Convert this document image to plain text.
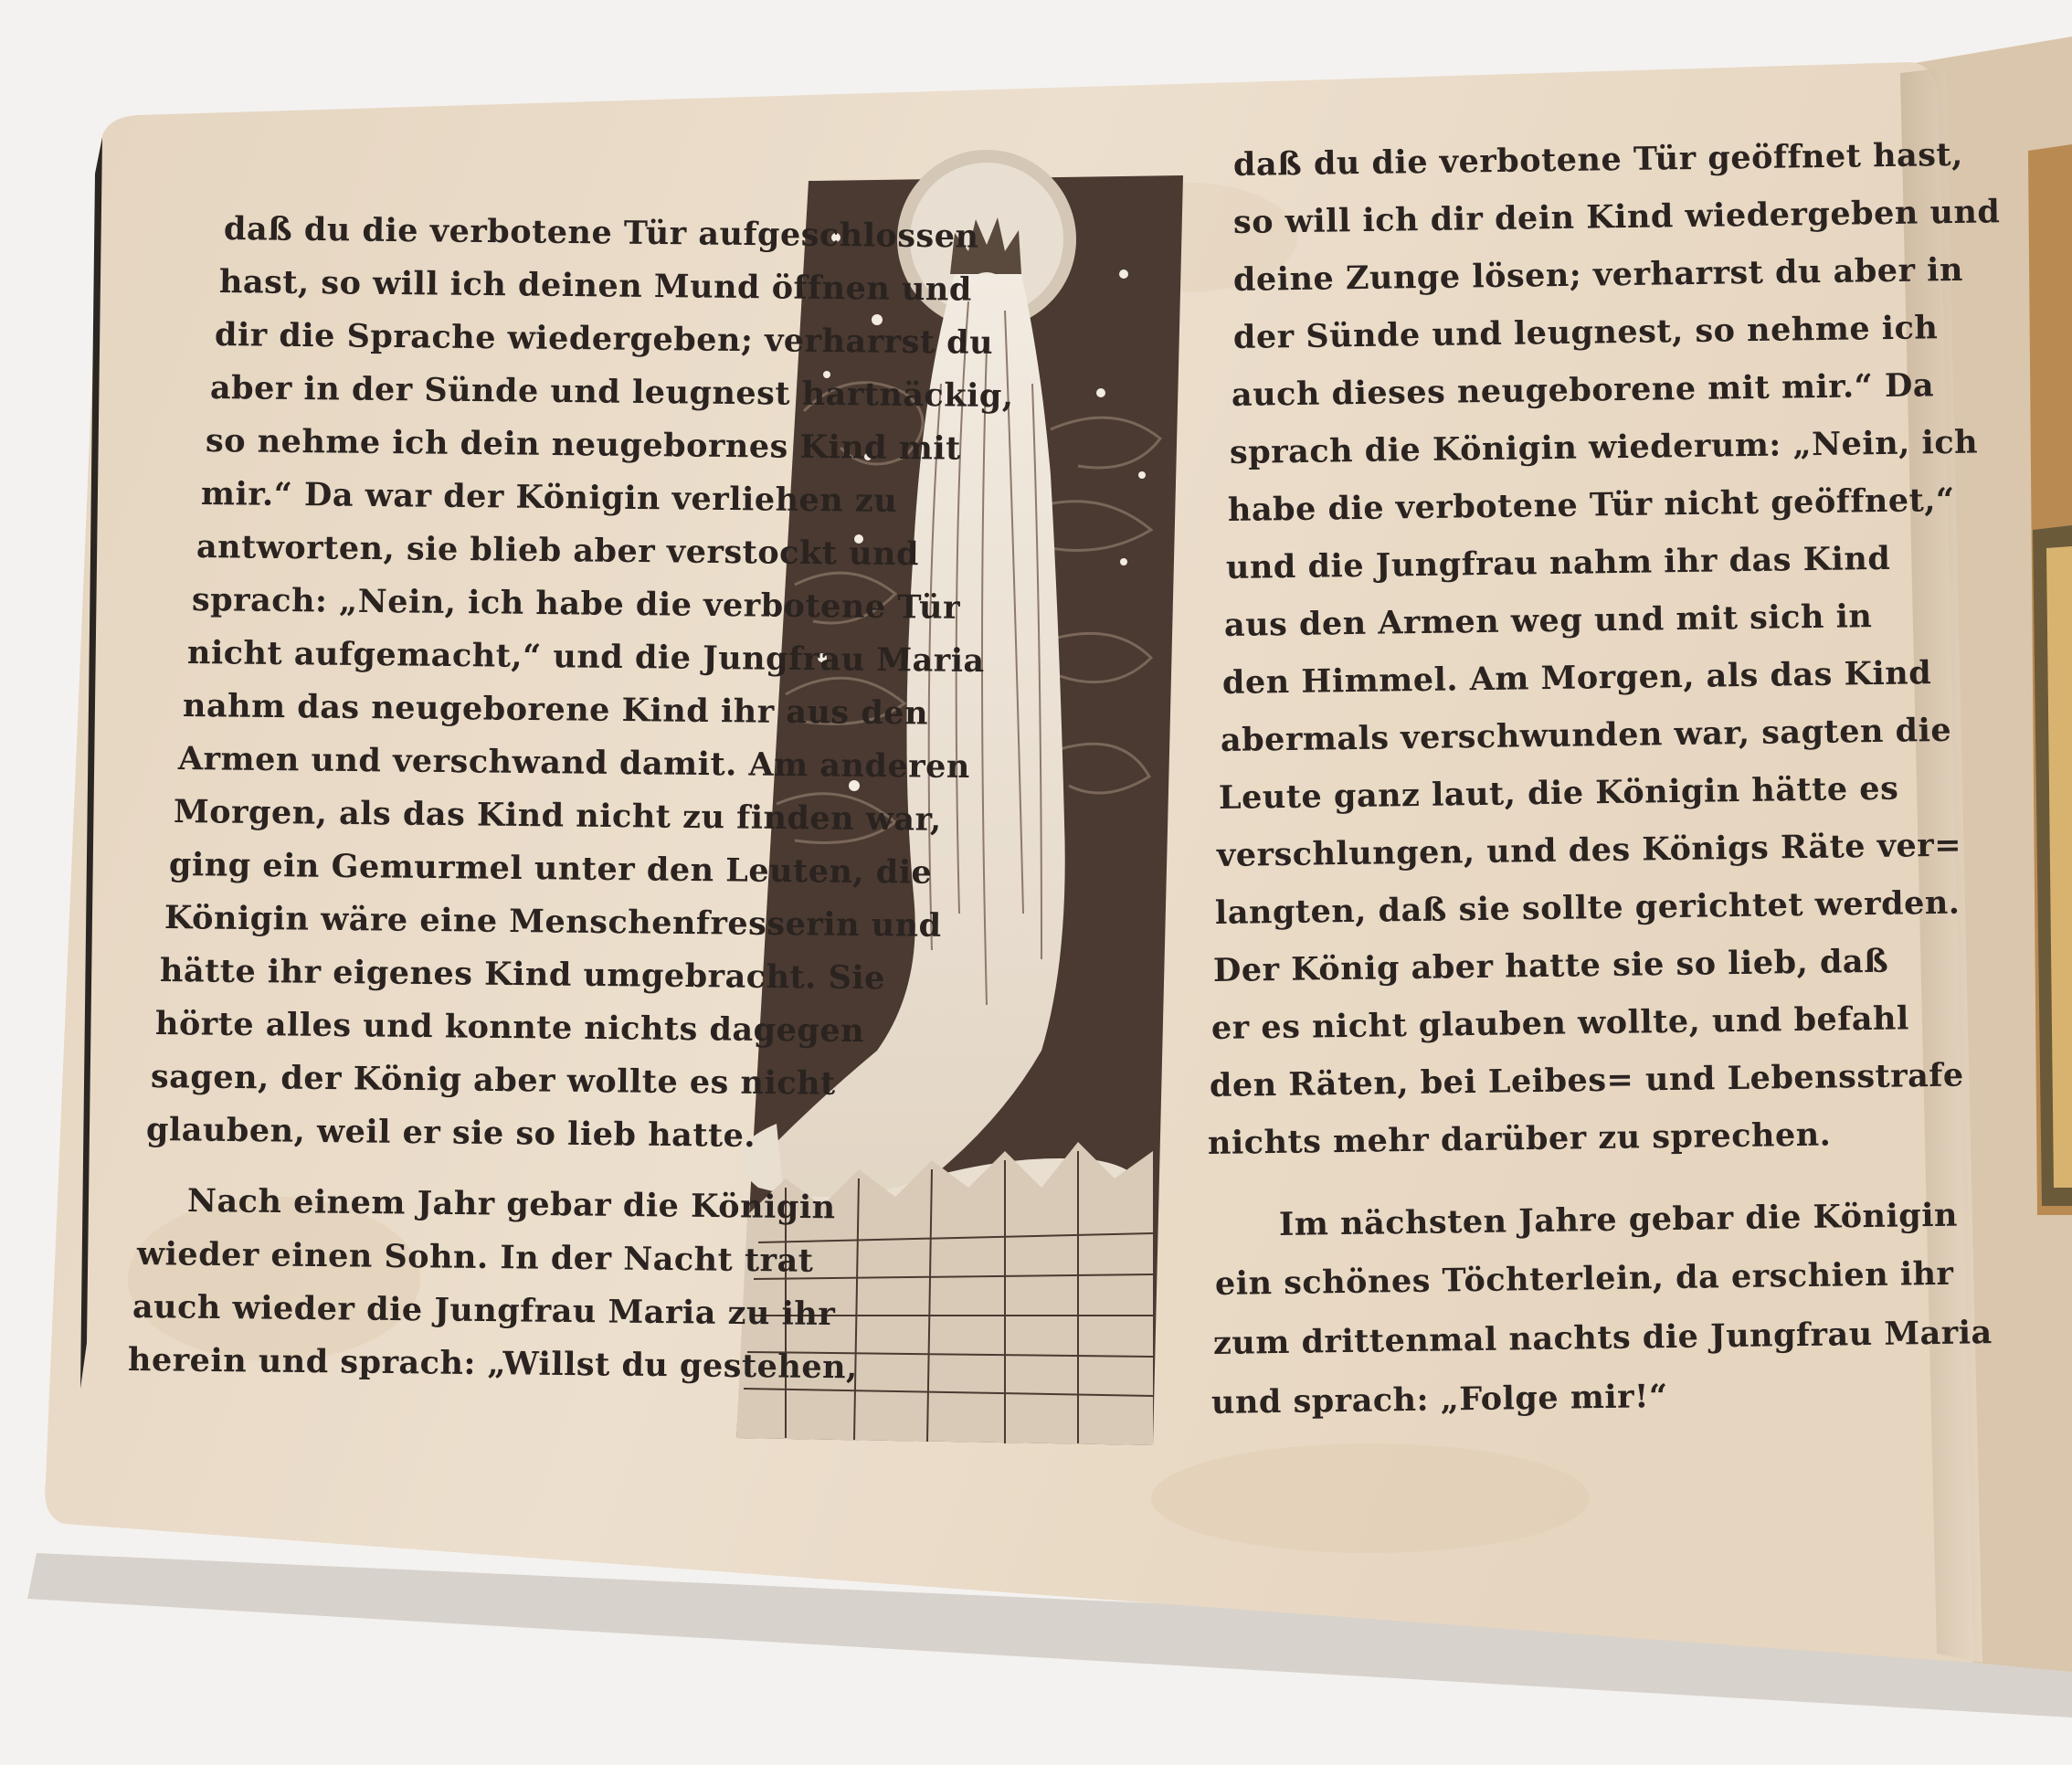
daß du die verbotene Tür aufgeschlossen
hast, so will ich deinen Mund öffnen und
dir die Sprache wiedergeben; verharrst du
aber in der Sünde und leugnest hartnäckig,
so nehme ich dein neugebornes Kind mit
mir.“ Da war der Königin verliehen zu
antworten, sie blieb aber verstockt und
sprach: „Nein, ich habe die verbotene Tür
nicht aufgemacht,“ und die Jungfrau Maria
nahm das neugeborene Kind ihr aus den
Armen und verschwand damit. Am anderen
Morgen, als das Kind nicht zu finden war,
ging ein Gemurmel unter den Leuten, die
Königin wäre eine Menschenfresserin und
hätte ihr eigenes Kind umgebracht. Sie
hörte alles und konnte nichts dagegen
sagen, der König aber wollte es nicht
glauben, weil er sie so lieb hatte.
Nach einem Jahr gebar die Königin
wieder einen Sohn. In der Nacht trat
auch wieder die Jungfrau Maria zu ihr
herein und sprach: „Willst du gestehen,
daß du die verbotene Tür geöffnet hast,
so will ich dir dein Kind wiedergeben und
deine Zunge lösen; verharrst du aber in
der Sünde und leugnest, so nehme ich
auch dieses neugeborene mit mir.“ Da
sprach die Königin wiederum: „Nein, ich
habe die verbotene Tür nicht geöffnet,“
und die Jungfrau nahm ihr das Kind
aus den Armen weg und mit sich in
den Himmel. Am Morgen, als das Kind
abermals verschwunden war, sagten die
Leute ganz laut, die Königin hätte es
verschlungen, und des Königs Räte ver=
langten, daß sie sollte gerichtet werden.
Der König aber hatte sie so lieb, daß
er es nicht glauben wollte, und befahl
den Räten, bei Leibes= und Lebensstrafe
nichts mehr darüber zu sprechen.
Im nächsten Jahre gebar die Königin
ein schönes Töchterlein, da erschien ihr
zum drittenmal nachts die Jungfrau Maria
und sprach: „Folge mir!“
